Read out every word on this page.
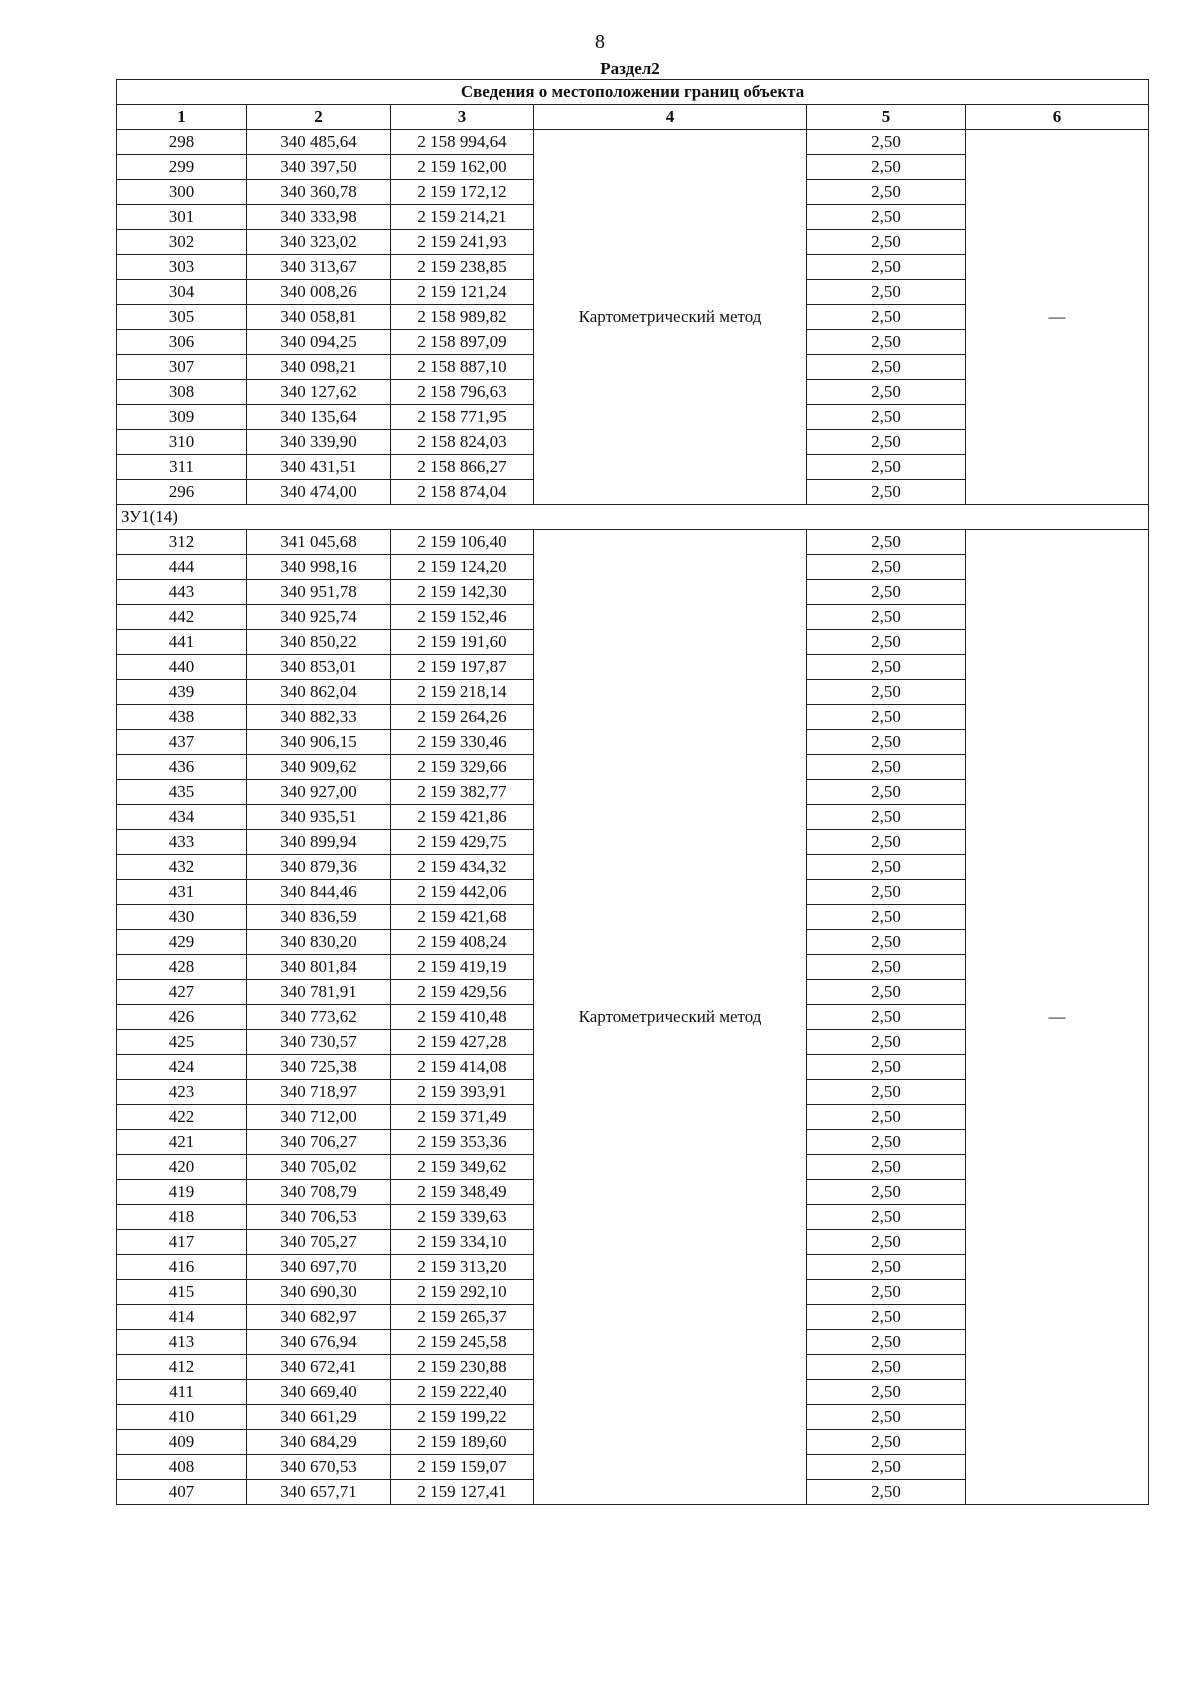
8
Раздел2
Сведения о местоположении границ объекта					
1	2	3	4	5	6
298	340 485,64	2 158 994,64	Картометрический метод	2,50	—
299	340 397,50	2 159 162,00		2,50	
300	340 360,78	2 159 172,12		2,50	
301	340 333,98	2 159 214,21		2,50	
302	340 323,02	2 159 241,93		2,50	
303	340 313,67	2 159 238,85		2,50	
304	340 008,26	2 159 121,24		2,50	
305	340 058,81	2 158 989,82		2,50	
306	340 094,25	2 158 897,09		2,50	
307	340 098,21	2 158 887,10		2,50	
308	340 127,62	2 158 796,63		2,50	
309	340 135,64	2 158 771,95		2,50	
310	340 339,90	2 158 824,03		2,50	
311	340 431,51	2 158 866,27		2,50	
296	340 474,00	2 158 874,04		2,50	
ЗУ1(14)					
312	341 045,68	2 159 106,40	Картометрический метод	2,50	—
444	340 998,16	2 159 124,20		2,50	
443	340 951,78	2 159 142,30		2,50	
442	340 925,74	2 159 152,46		2,50	
441	340 850,22	2 159 191,60		2,50	
440	340 853,01	2 159 197,87		2,50	
439	340 862,04	2 159 218,14		2,50	
438	340 882,33	2 159 264,26		2,50	
437	340 906,15	2 159 330,46		2,50	
436	340 909,62	2 159 329,66		2,50	
435	340 927,00	2 159 382,77		2,50	
434	340 935,51	2 159 421,86		2,50	
433	340 899,94	2 159 429,75		2,50	
432	340 879,36	2 159 434,32		2,50	
431	340 844,46	2 159 442,06		2,50	
430	340 836,59	2 159 421,68		2,50	
429	340 830,20	2 159 408,24		2,50	
428	340 801,84	2 159 419,19		2,50	
427	340 781,91	2 159 429,56		2,50	
426	340 773,62	2 159 410,48		2,50	
425	340 730,57	2 159 427,28		2,50	
424	340 725,38	2 159 414,08		2,50	
423	340 718,97	2 159 393,91		2,50	
422	340 712,00	2 159 371,49		2,50	
421	340 706,27	2 159 353,36		2,50	
420	340 705,02	2 159 349,62		2,50	
419	340 708,79	2 159 348,49		2,50	
418	340 706,53	2 159 339,63		2,50	
417	340 705,27	2 159 334,10		2,50	
416	340 697,70	2 159 313,20		2,50	
415	340 690,30	2 159 292,10		2,50	
414	340 682,97	2 159 265,37		2,50	
413	340 676,94	2 159 245,58		2,50	
412	340 672,41	2 159 230,88		2,50	
411	340 669,40	2 159 222,40		2,50	
410	340 661,29	2 159 199,22		2,50	
409	340 684,29	2 159 189,60		2,50	
408	340 670,53	2 159 159,07		2,50	
407	340 657,71	2 159 127,41		2,50	
